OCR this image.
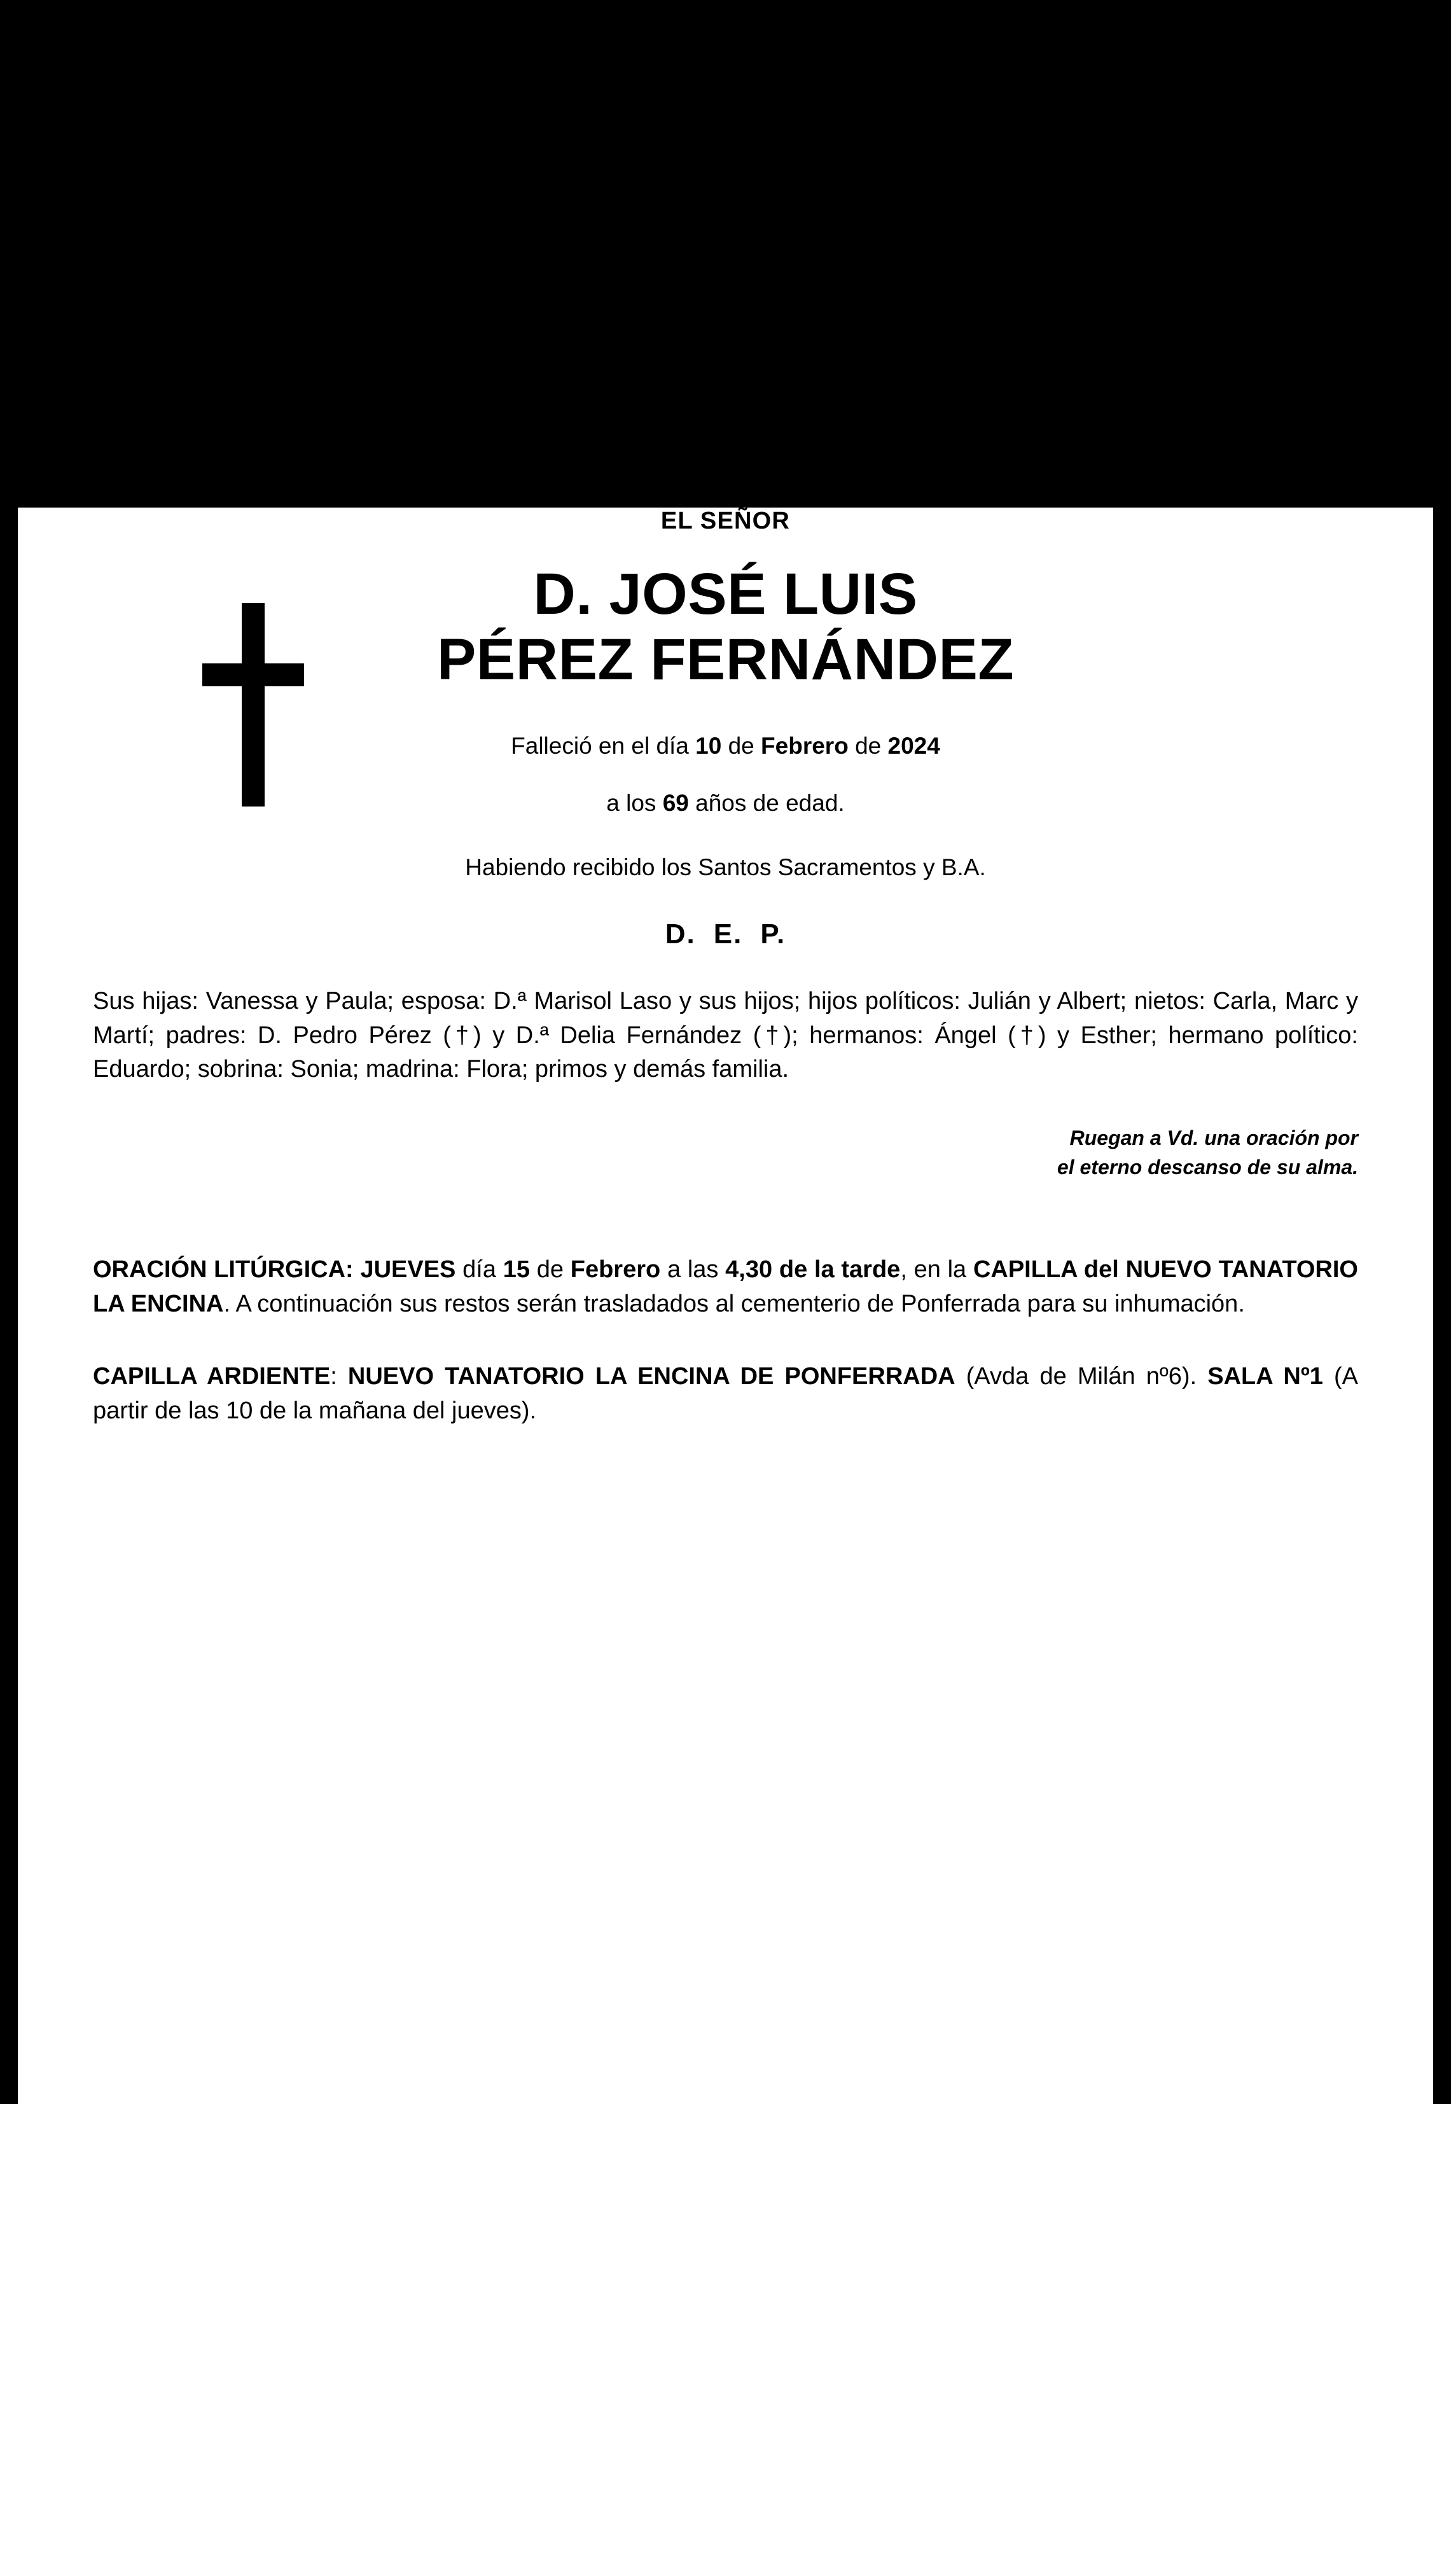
EL SEÑOR
D. JOSÉ LUIS
PÉREZ FERNÁNDEZ
Falleció en el día 10 de Febrero de 2024
a los 69 años de edad.
Habiendo recibido los Santos Sacramentos y B.A.
D. E. P.
Sus hijas: Vanessa y Paula; esposa: D.ª Marisol Laso y sus hijos; hijos políticos: Julián y Albert; nietos: Carla, Marc y Martí; padres: D. Pedro Pérez (†) y D.ª Delia Fernández (†); hermanos: Ángel (†) y Esther; hermano político: Eduardo; sobrina: Sonia; madrina: Flora; primos y demás familia.
Ruegan a Vd. una oración por
el eterno descanso de su alma.
ORACIÓN LITÚRGICA: JUEVES día 15 de Febrero a las 4,30 de la tarde, en la CAPILLA del NUEVO TANATORIO LA ENCINA. A continuación sus restos serán trasladados al cementerio de Ponferrada para su inhumación.
CAPILLA ARDIENTE: NUEVO TANATORIO LA ENCINA DE PONFERRADA (Avda de Milán nº6). SALA Nº1 (A partir de las 10 de la mañana del jueves).
